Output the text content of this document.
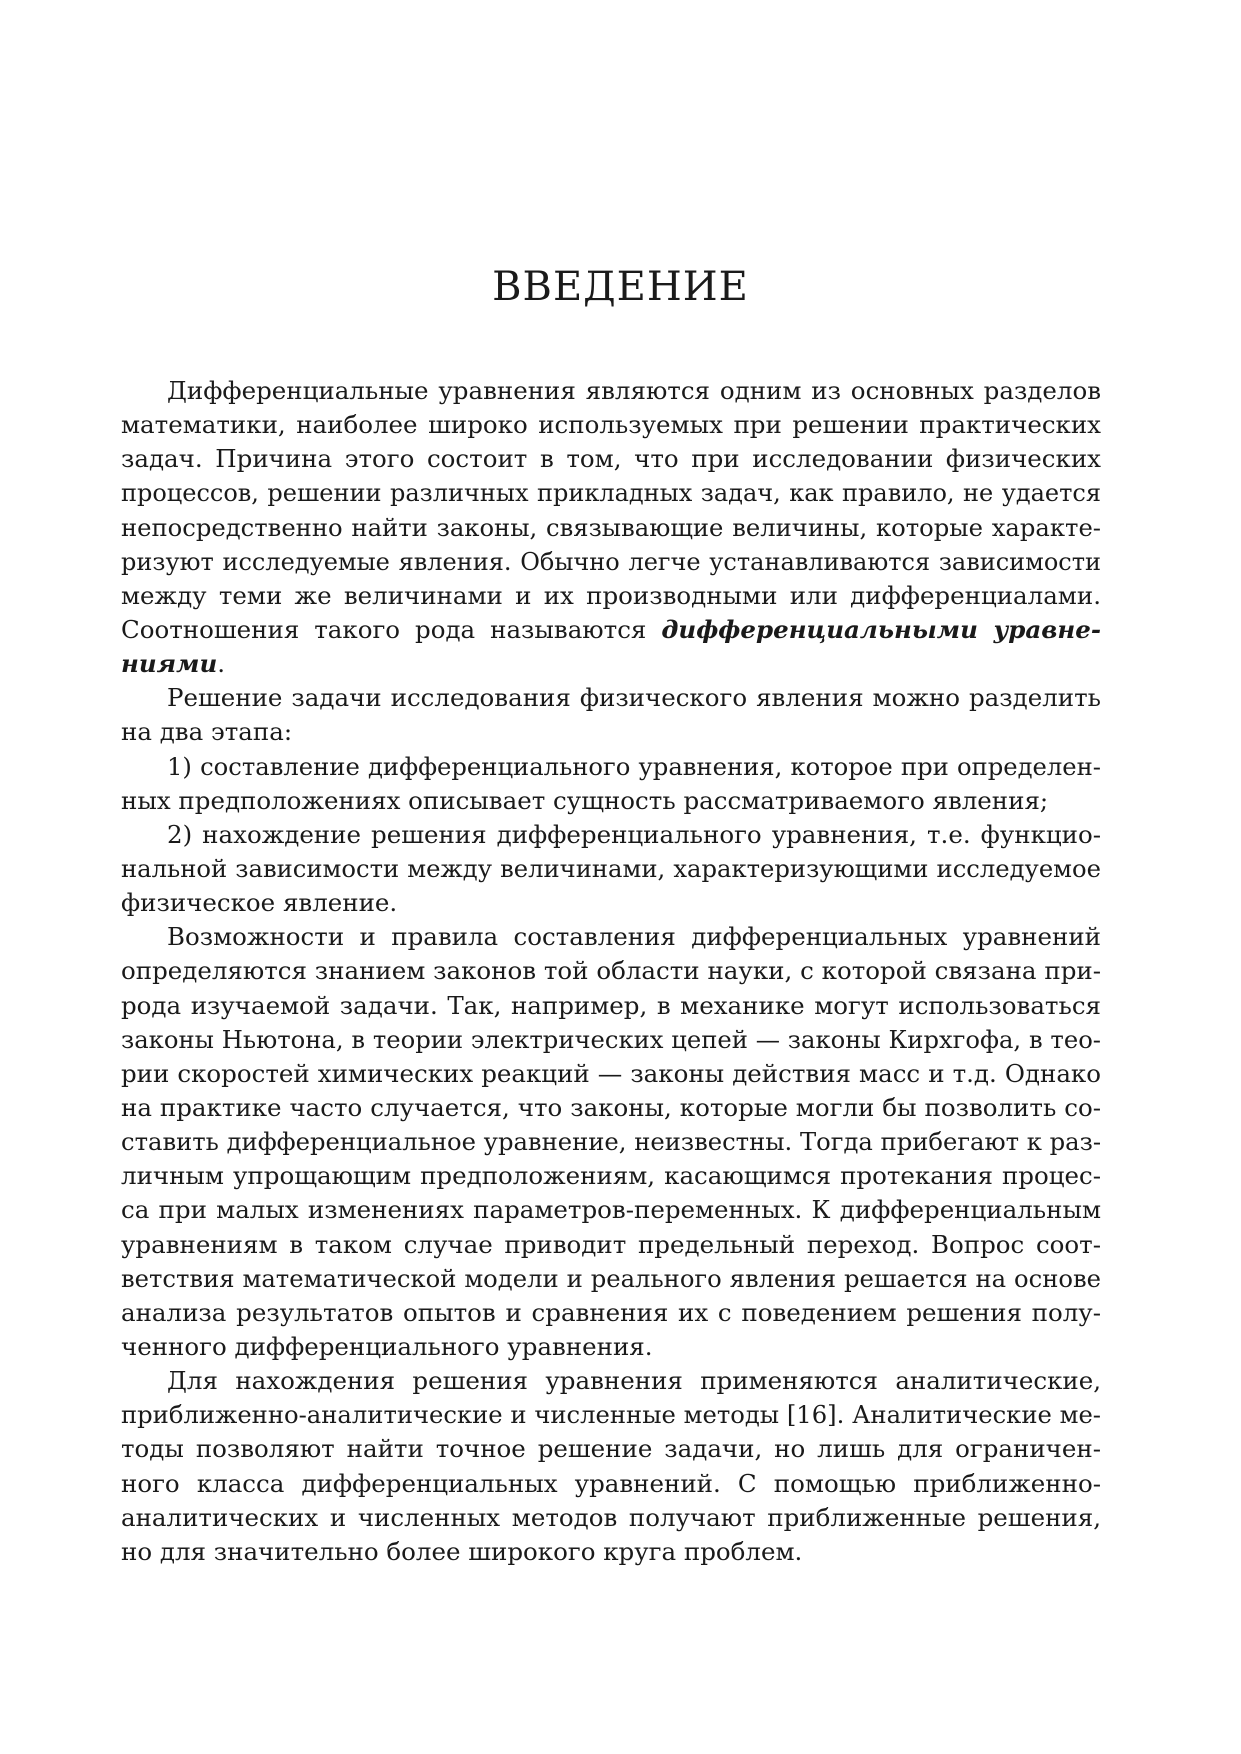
ВВЕДЕНИЕ
Дифференциальные уравнения являются одним из основных разделов
математики, наиболее широко используемых при решении практических
задач. Причина этого состоит в том, что при исследовании физических
процессов, решении различных прикладных задач, как правило, не удается
непосредственно найти законы, связывающие величины, которые характе-
ризуют исследуемые явления. Обычно легче устанавливаются зависимости
между теми же величинами и их производными или дифференциалами.
Соотношения такого рода называются дифференциальными уравне-
ниями.
Решение задачи исследования физического явления можно разделить
на два этапа:
1) составление дифференциального уравнения, которое при определен-
ных предположениях описывает сущность рассматриваемого явления;
2) нахождение решения дифференциального уравнения, т.е. функцио-
нальной зависимости между величинами, характеризующими исследуемое
физическое явление.
Возможности и правила составления дифференциальных уравнений
определяются знанием законов той области науки, с которой связана при-
рода изучаемой задачи. Так, например, в механике могут использоваться
законы Ньютона, в теории электрических цепей — законы Кирхгофа, в тео-
рии скоростей химических реакций — законы действия масс и т.д. Однако
на практике часто случается, что законы, которые могли бы позволить со-
ставить дифференциальное уравнение, неизвестны. Тогда прибегают к раз-
личным упрощающим предположениям, касающимся протекания процес-
са при малых изменениях параметров-переменных. К дифференциальным
уравнениям в таком случае приводит предельный переход. Вопрос соот-
ветствия математической модели и реального явления решается на основе
анализа результатов опытов и сравнения их с поведением решения полу-
ченного дифференциального уравнения.
Для нахождения решения уравнения применяются аналитические,
приближенно-аналитические и численные методы [16]. Аналитические ме-
тоды позволяют найти точное решение задачи, но лишь для ограничен-
ного класса дифференциальных уравнений. С помощью приближенно-
аналитических и численных методов получают приближенные решения,
но для значительно более широкого круга проблем.
